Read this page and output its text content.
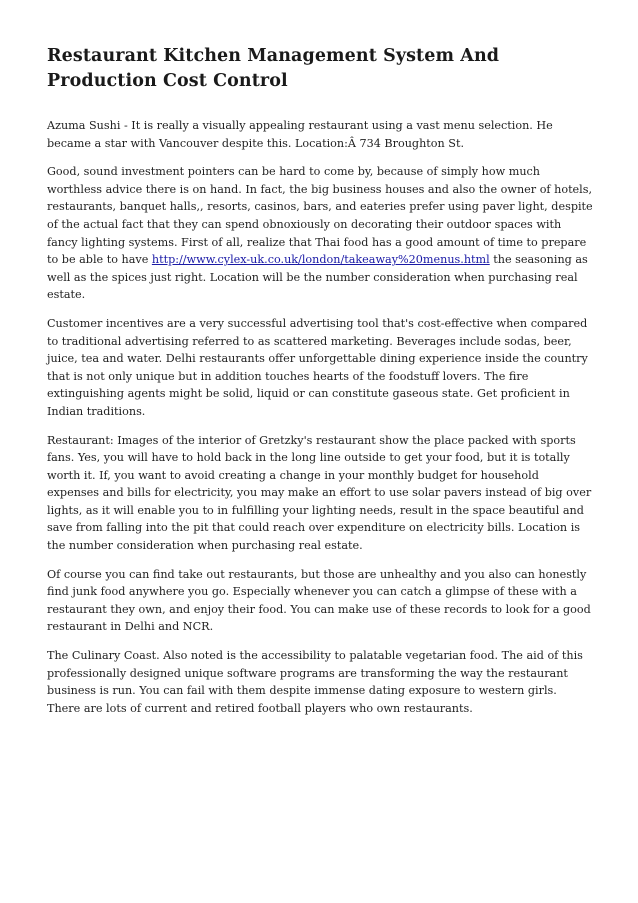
Restaurant Kitchen Management System And Production Cost Control

Azuma Sushi - It is really a visually appealing restaurant using a vast menu selection. He became a star with Vancouver despite this. Location:Â 734 Broughton St.

Good, sound investment pointers can be hard to come by, because of simply how much worthless advice there is on hand. In fact, the big business houses and also the owner of hotels, restaurants, banquet halls,, resorts, casinos, bars, and eateries prefer using paver light, despite of the actual fact that they can spend obnoxiously on decorating their outdoor spaces with fancy lighting systems. First of all, realize that Thai food has a good amount of time to prepare to be able to have http://www.cylex-uk.co.uk/london/takeaway%20menus.html the seasoning as well as the spices just right. Location will be the number consideration when purchasing real estate.

Customer incentives are a very successful advertising tool that's cost-effective when compared to traditional advertising referred to as scattered marketing. Beverages include sodas, beer, juice, tea and water. Delhi restaurants offer unforgettable dining experience inside the country that is not only unique but in addition touches hearts of the foodstuff lovers. The fire extinguishing agents might be solid, liquid or can constitute gaseous state. Get proficient in Indian traditions.

Restaurant: Images of the interior of Gretzky's restaurant show the place packed with sports fans. Yes, you will have to hold back in the long line outside to get your food, but it is totally worth it. If, you want to avoid creating a change in your monthly budget for household expenses and bills for electricity, you may make an effort to use solar pavers instead of big over lights, as it will enable you to in fulfilling your lighting needs, result in the space beautiful and save from falling into the pit that could reach over expenditure on electricity bills. Location is the number consideration when purchasing real estate.

Of course you can find take out restaurants, but those are unhealthy and you also can honestly find junk food anywhere you go. Especially whenever you can catch a glimpse of these with a restaurant they own, and enjoy their food. You can make use of these records to look for a good restaurant in Delhi and NCR.

The Culinary Coast. Also noted is the accessibility to palatable vegetarian food. The aid of this professionally designed unique software programs are transforming the way the restaurant business is run. You can fail with them despite immense dating exposure to western girls. There are lots of current and retired football players who own restaurants.
